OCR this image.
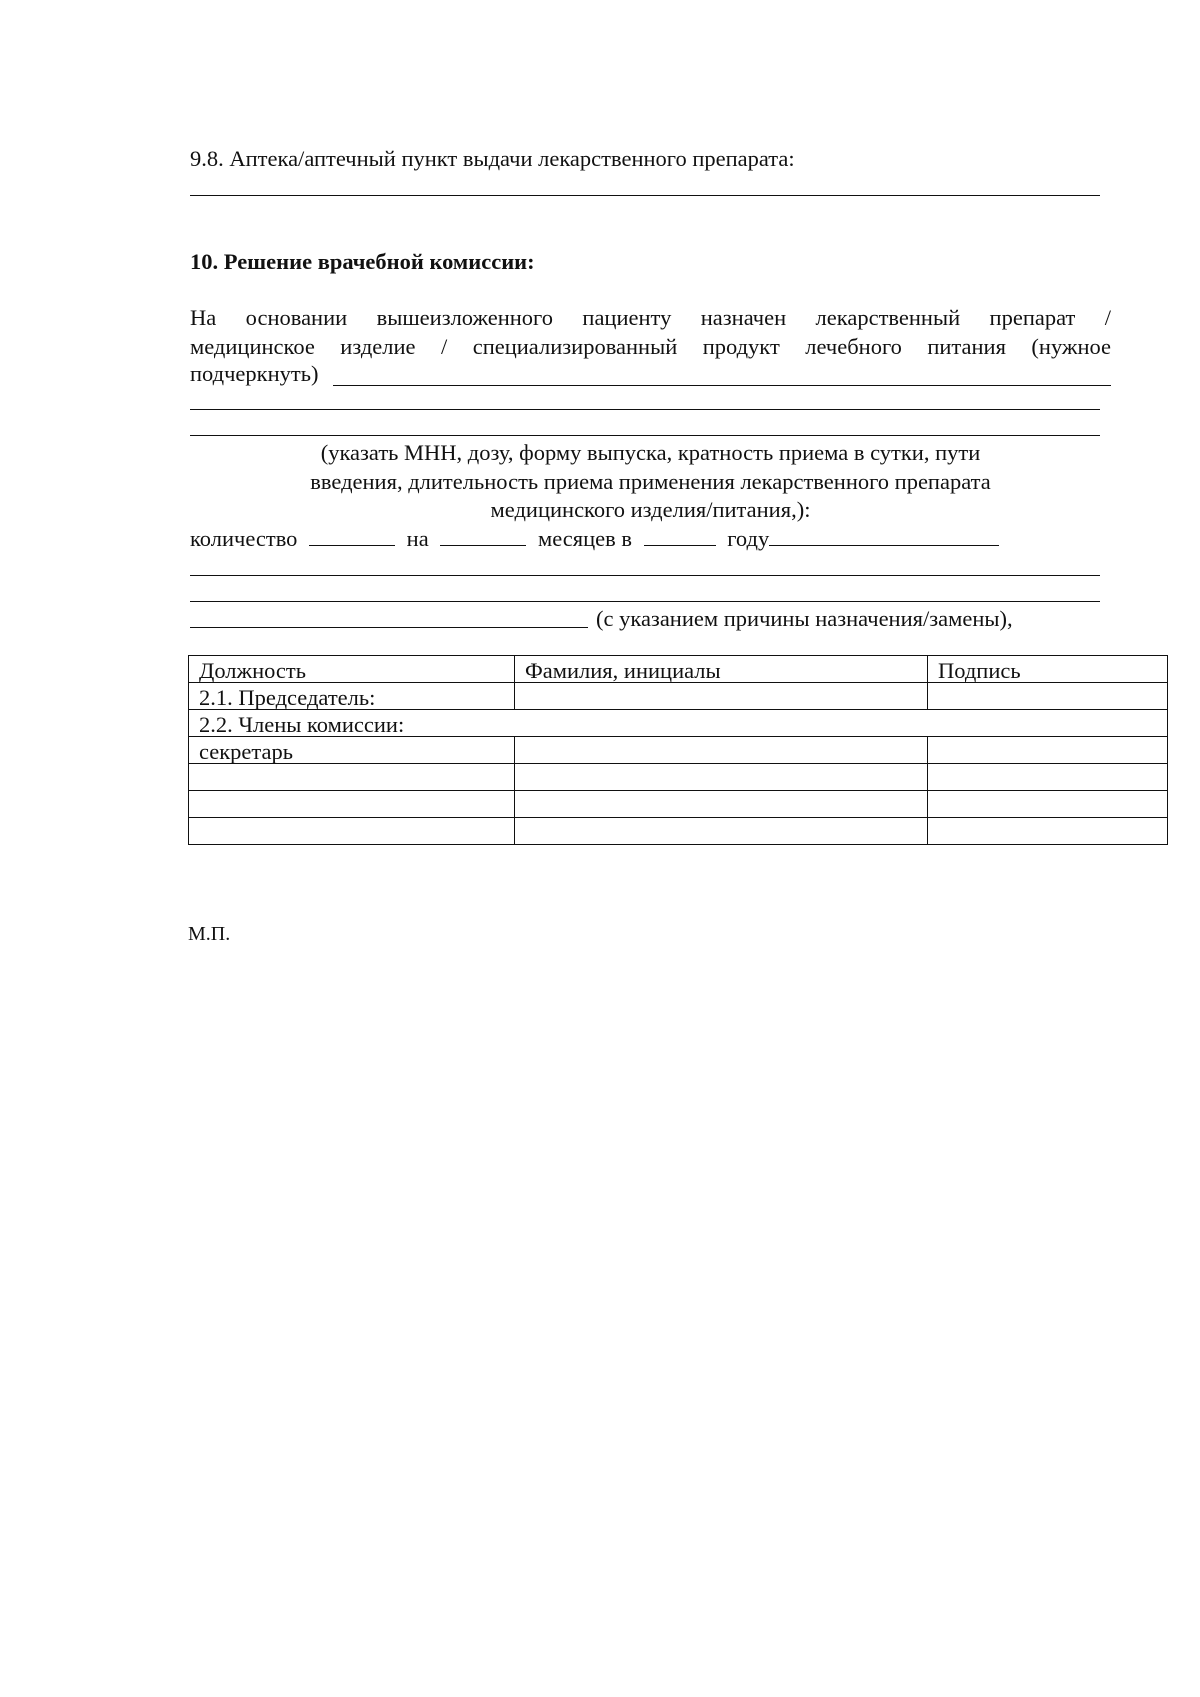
9.8. Аптека/аптечный пункт выдачи лекарственного препарата:
10. Решение врачебной комиссии:
На основании вышеизложенного пациенту назначен лекарственный препарат /
медицинское изделие / специализированный продукт лечебного питания (нужное
подчеркнуть)
(указать МНН, дозу, форму выпуска, кратность приема в сутки, пути
введения, длительность приема применения лекарственного препарата
медицинского изделия/питания,):
количество	на	месяцев в	году
(с указанием причины назначения/замены),
Должность	Фамилия, инициалы	Подпись
2.1. Председатель:		
2.2. Члены комиссии:		
секретарь		

М.П.
